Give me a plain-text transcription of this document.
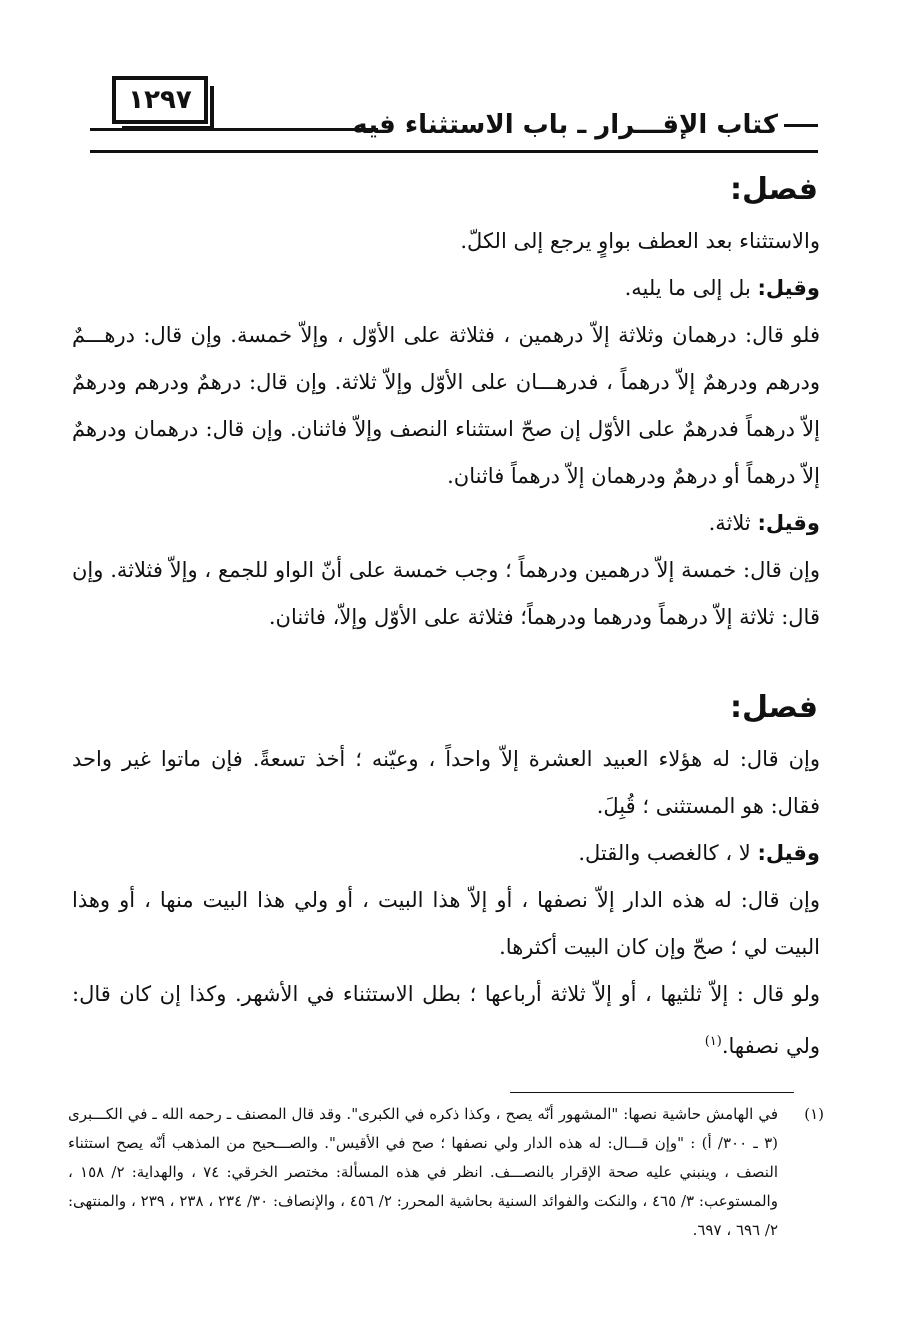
١٢٩٧
كتاب الإقـــرار ـ باب الاستثناء فيه
فصل:

والاستثناء بعد العطف بواوٍ يرجع إلى الكلّ.

وقيل: بل إلى ما يليه.

فلو قال: درهمان وثلاثة إلاّ درهمين ، فثلاثة على الأوّل ، وإلاّ خمسة. وإن قال: درهـــمٌ ودرهم ودرهمٌ إلاّ درهماً ، فدرهـــان على الأوّل وإلاّ ثلاثة. وإن قال: درهمٌ ودرهم ودرهمٌ إلاّ درهماً فدرهمٌ على الأوّل إن صحّ استثناء النصف وإلاّ فاثنان. وإن قال: درهمان ودرهمٌ إلاّ درهماً أو درهمٌ ودرهمان إلاّ درهماً فاثنان.

وقيل: ثلاثة.

وإن قال: خمسة إلاّ درهمين ودرهماً ؛ وجب خمسة على أنّ الواو للجمع ، وإلاّ فثلاثة. وإن قال: ثلاثة إلاّ درهماً ودرهما ودرهماً؛ فثلاثة على الأوّل وإلاّ، فاثنان.

فصل:

وإن قال: له هؤلاء العبيد العشرة إلاّ واحداً ، وعيّنه ؛ أخذ تسعةً. فإن ماتوا غير واحد فقال: هو المستثنى ؛ قُبِلَ.

وقيل: لا ، كالغصب والقتل.

وإن قال: له هذه الدار إلاّ نصفها ، أو إلاّ هذا البيت ، أو ولي هذا البيت منها ، أو وهذا البيت لي ؛ صحّ وإن كان البيت أكثرها.

ولو قال : إلاّ ثلثيها ، أو إلاّ ثلاثة أرباعها ؛ بطل الاستثناء في الأشهر. وكذا إن كان قال: ولي نصفها.$^{(١)}$

(١)
في الهامش حاشية نصها: "المشهور أنّه يصح ، وكذا ذكره في الكبرى". وقد قال المصنف ـ رحمه الله ـ في الكـــبرى (٣ ـ ٣٠٠/ أ) : "وإن قـــال: له هذه الدار ولي نصفها ؛ صح في الأقيس". والصـــحيح من المذهب أنّه يصح استثناء النصف ، وينبني عليه صحة الإقرار بالنصـــف. انظر في هذه المسألة: مختصر الخرقي: ٧٤ ، والهداية: ٢/ ١٥٨ ، والمستوعب: ٣/ ٤٦٥ ، والنكت والفوائد السنية بحاشية المحرر: ٢/ ٤٥٦ ، والإنصاف: ٣٠/ ٢٣٤ ، ٢٣٨ ، ٢٣٩ ، والمنتهى: ٢/ ٦٩٦ ، ٦٩٧.
